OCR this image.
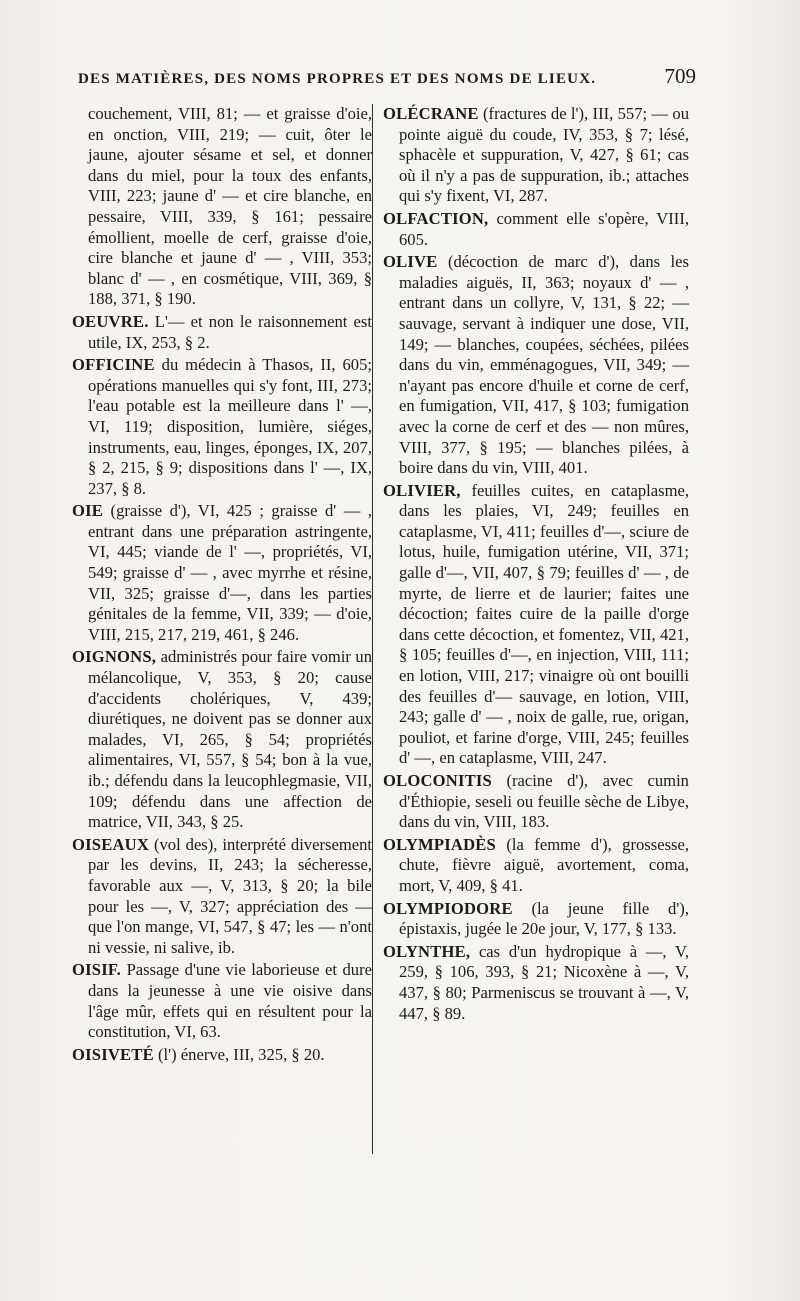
DES MATIÈRES, DES NOMS PROPRES ET DES NOMS DE LIEUX.	709

couchement, VIII, 81; — et graisse d'oie, en onction, VIII, 219; — cuit, ôter le jaune, ajouter sésame et sel, et donner dans du miel, pour la toux des enfants, VIII, 223; jaune d' — et cire blanche, en pessaire, VIII, 339, § 161; pessaire émollient, moelle de cerf, graisse d'oie, cire blanche et jaune d' — , VIII, 353; blanc d' — , en cosmétique, VIII, 369, § 188, 371, § 190.

OEUVRE. L'— et non le raisonnement est utile, IX, 253, § 2.

OFFICINE du médecin à Thasos, II, 605; opérations manuelles qui s'y font, III, 273; l'eau potable est la meilleure dans l' —, VI, 119; disposition, lumière, siéges, instruments, eau, linges, éponges, IX, 207, § 2, 215, § 9; dispositions dans l' —, IX, 237, § 8.

OIE (graisse d'), VI, 425 ; graisse d' — , entrant dans une préparation astringente, VI, 445; viande de l' —, propriétés, VI, 549; graisse d' — , avec myrrhe et résine, VII, 325; graisse d'—, dans les parties génitales de la femme, VII, 339; — d'oie, VIII, 215, 217, 219, 461, § 246.

OIGNONS, administrés pour faire vomir un mélancolique, V, 353, § 20; cause d'accidents cholériques, V, 439; diurétiques, ne doivent pas se donner aux malades, VI, 265, § 54; propriétés alimentaires, VI, 557, § 54; bon à la vue, ib.; défendu dans la leucophlegmasie, VII, 109; défendu dans une affection de matrice, VII, 343, § 25.

OISEAUX (vol des), interprété diversement par les devins, II, 243; la sécheresse, favorable aux —, V, 313, § 20; la bile pour les —, V, 327; appréciation des — que l'on mange, VI, 547, § 47; les — n'ont ni vessie, ni salive, ib.

OISIF. Passage d'une vie laborieuse et dure dans la jeunesse à une vie oisive dans l'âge mûr, effets qui en résultent pour la constitution, VI, 63.

OISIVETÉ (l') énerve, III, 325, § 20.

OLÉCRANE (fractures de l'), III, 557; — ou pointe aiguë du coude, IV, 353, § 7; lésé, sphacèle et suppuration, V, 427, § 61; cas où il n'y a pas de suppuration, ib.; attaches qui s'y fixent, VI, 287.

OLFACTION, comment elle s'opère, VIII, 605.

OLIVE (décoction de marc d'), dans les maladies aiguës, II, 363; noyaux d' — , entrant dans un collyre, V, 131, § 22; — sauvage, servant à indiquer une dose, VII, 149; — blanches, coupées, séchées, pilées dans du vin, emménagogues, VII, 349; — n'ayant pas encore d'huile et corne de cerf, en fumigation, VII, 417, § 103; fumigation avec la corne de cerf et des — non mûres, VIII, 377, § 195; — blanches pilées, à boire dans du vin, VIII, 401.

OLIVIER, feuilles cuites, en cataplasme, dans les plaies, VI, 249; feuilles en cataplasme, VI, 411; feuilles d'—, sciure de lotus, huile, fumigation utérine, VII, 371; galle d'—, VII, 407, § 79; feuilles d' — , de myrte, de lierre et de laurier; faites une décoction; faites cuire de la paille d'orge dans cette décoction, et fomentez, VII, 421, § 105; feuilles d'—, en injection, VIII, 111; en lotion, VIII, 217; vinaigre où ont bouilli des feuilles d'— sauvage, en lotion, VIII, 243; galle d' — , noix de galle, rue, origan, pouliot, et farine d'orge, VIII, 245; feuilles d' —, en cataplasme, VIII, 247.

OLOCONITIS (racine d'), avec cumin d'Éthiopie, seseli ou feuille sèche de Libye, dans du vin, VIII, 183.

OLYMPIADÈS (la femme d'), grossesse, chute, fièvre aiguë, avortement, coma, mort, V, 409, § 41.

OLYMPIODORE (la jeune fille d'), épistaxis, jugée le 20e jour, V, 177, § 133.

OLYNTHE, cas d'un hydropique à —, V, 259, § 106, 393, § 21; Nicoxène à —, V, 437, § 80; Parmeniscus se trouvant à —, V, 447, § 89.
